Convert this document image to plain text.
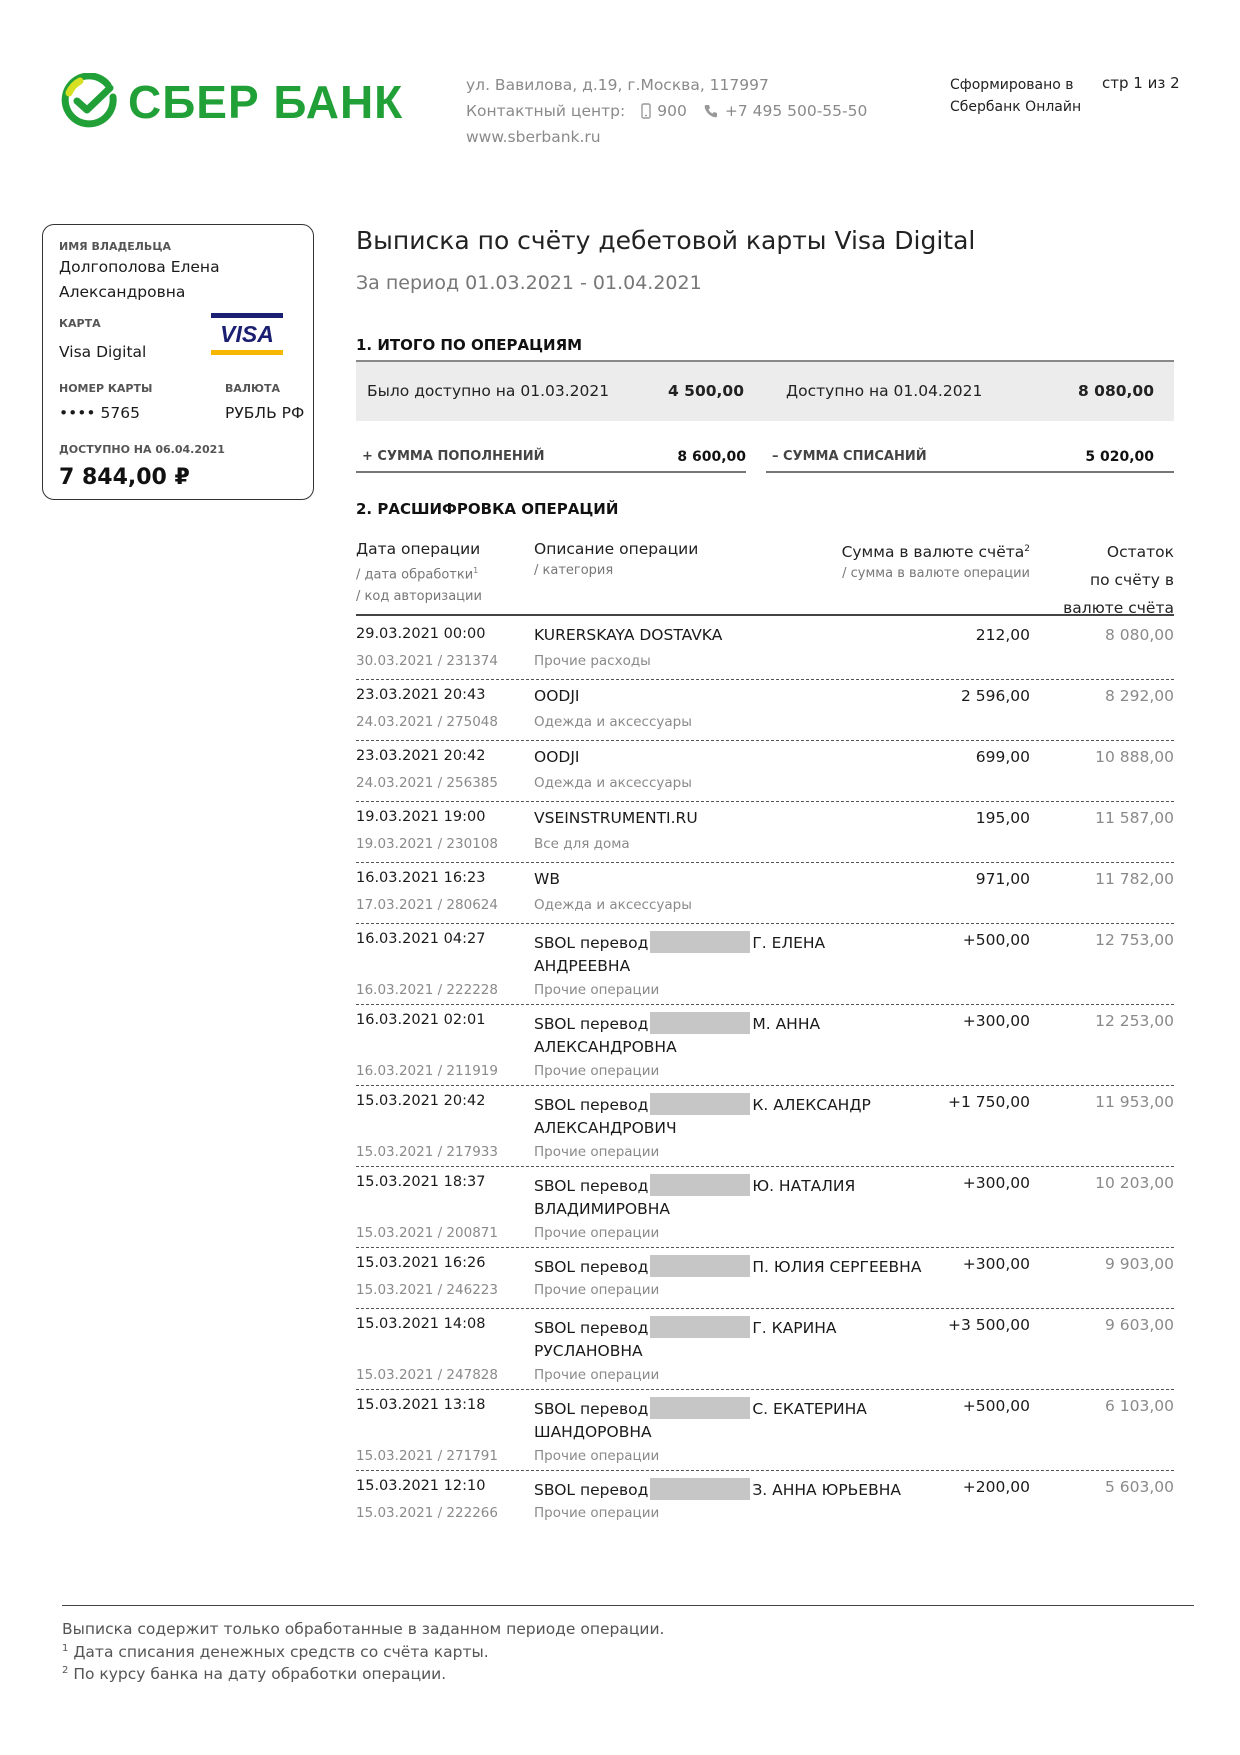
СБЕР БАНК	ул. Вавилова, д.19, г.Москва, 117997
Контактный центр: 900 +7 495 500-55-50
www.sberbank.ru
Сформировано в
Сбербанк Онлайн
стр 1 из 2
ИМЯ ВЛАДЕЛЬЦА
Долгополова Елена
Александровна
КАРТА
Visa Digital
VISA
НОМЕР КАРТЫ
•••• 5765
ВАЛЮТА
РУБЛЬ РФ
ДОСТУПНО НА 06.04.2021
7 844,00 ₽
Выписка по счёту дебетовой карты Visa Digital
За период 01.03.2021 - 01.04.2021
1. ИТОГО ПО ОПЕРАЦИЯМ
Было доступно на 01.03.2021	4 500,00	Доступно на 01.04.2021	8 080,00
+ СУММА ПОПОЛНЕНИЙ	8 600,00 – СУММА СПИСАНИЙ	5 020,00
2. РАСШИФРОВКА ОПЕРАЦИЙ
Дата операции
/ дата обработки$^1$
/ код авторизации
Описание операции
/ категория
Сумма в валюте счёта$^2$
/ сумма в валюте операции
Остаток
по счёту в
валюте счёта
29.03.2021 00:00
30.03.2021 / 231374
KURERSKAYA DOSTAVKA
Прочие расходы
212,00	8 080,00
23.03.2021 20:43
24.03.2021 / 275048
OODJI
Одежда и аксессуары
2 596,00	8 292,00
23.03.2021 20:42
24.03.2021 / 256385
OODJI
Одежда и аксессуары
699,00	10 888,00
19.03.2021 19:00
19.03.2021 / 230108
VSEINSTRUMENTI.RU
Все для дома
195,00	11 587,00
16.03.2021 16:23
17.03.2021 / 280624
WB
Одежда и аксессуары
971,00	11 782,00
16.03.2021 04:27
16.03.2021 / 222228
SBOL перевод	Г. ЕЛЕНА
АНДРЕЕВНА
Прочие операции
+500,00	12 753,00
16.03.2021 02:01
16.03.2021 / 211919
SBOL перевод	М. АННА
АЛЕКСАНДРОВНА
Прочие операции
+300,00	12 253,00
15.03.2021 20:42
15.03.2021 / 217933
SBOL перевод	К. АЛЕКСАНДР
АЛЕКСАНДРОВИЧ
Прочие операции
+1 750,00	11 953,00
15.03.2021 18:37
15.03.2021 / 200871
SBOL перевод	Ю. НАТАЛИЯ
ВЛАДИМИРОВНА
Прочие операции
+300,00	10 203,00
15.03.2021 16:26
15.03.2021 / 246223
SBOL перевод	П. ЮЛИЯ СЕРГЕЕВНА
Прочие операции
+300,00	9 903,00
15.03.2021 14:08
15.03.2021 / 247828
SBOL перевод	Г. КАРИНА
РУСЛАНОВНА
Прочие операции
+3 500,00	9 603,00
15.03.2021 13:18
15.03.2021 / 271791
SBOL перевод	С. ЕКАТЕРИНА
ШАНДОРОВНА
Прочие операции
+500,00	6 103,00
15.03.2021 12:10
15.03.2021 / 222266
SBOL перевод	З. АННА ЮРЬЕВНА
Прочие операции
+200,00	5 603,00
Выписка содержит только обработанные в заданном периоде операции.
$^1$ Дата списания денежных средств со счёта карты.
$^2$ По курсу банка на дату обработки операции.
